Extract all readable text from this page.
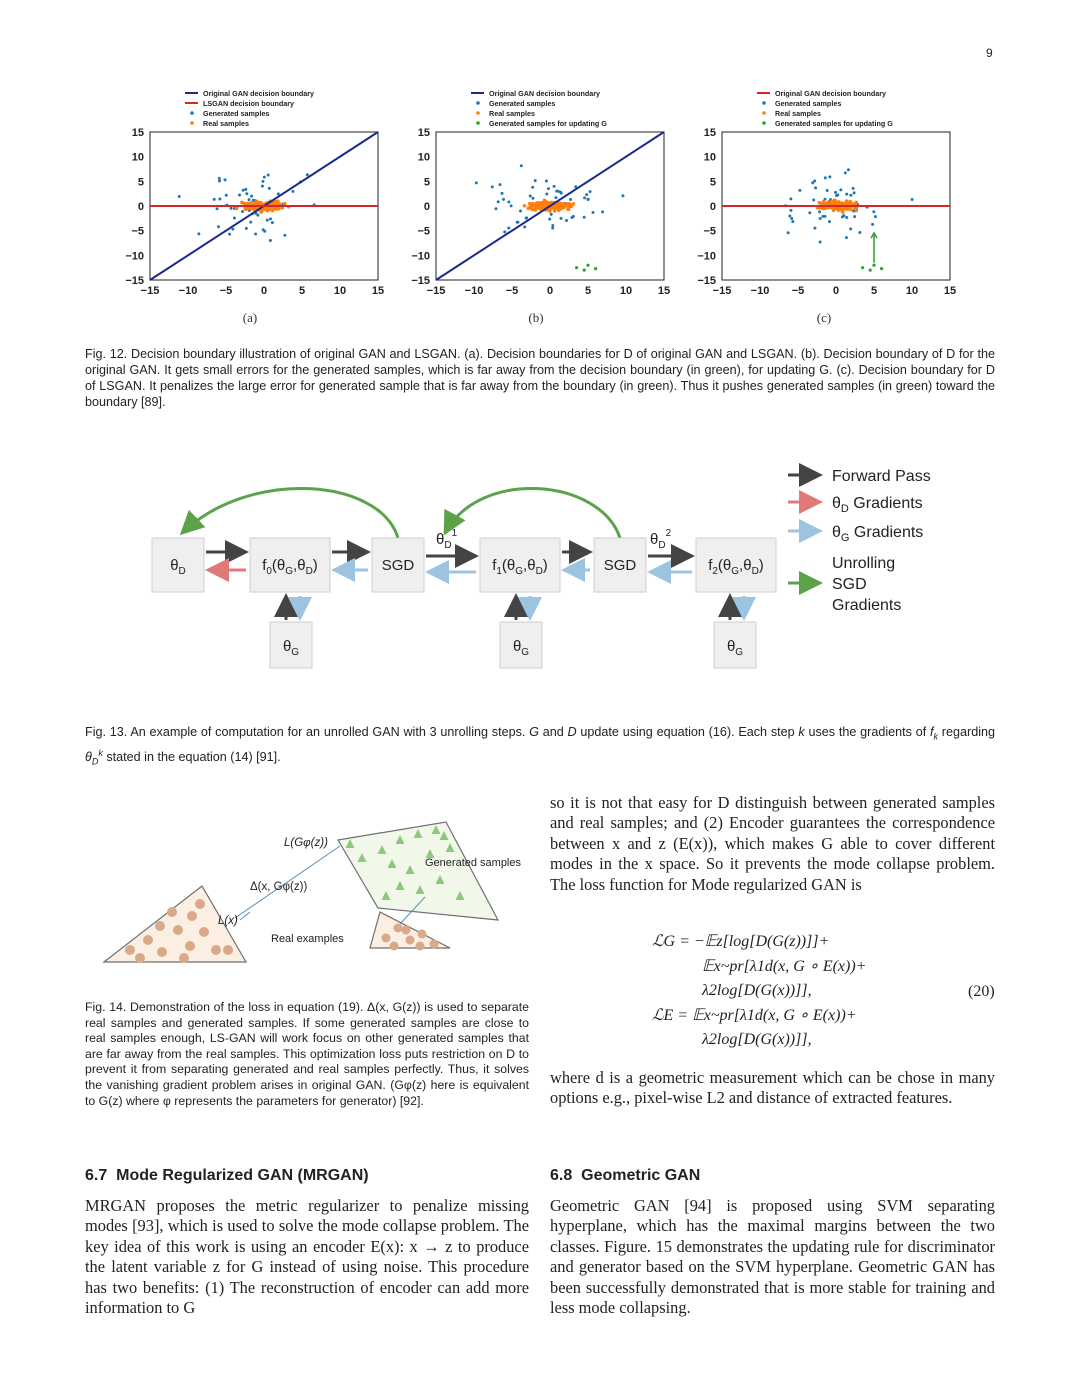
9
Original GAN decision boundary
LSGAN decision boundary
Generated samples
Real samples
15
10
5
0
−5
−10
−15
−15 −10 −5	0	5	10 15
Original GAN decision boundary
Generated samples
Real samples
Generated samples for updating G
15
10
5
0
−5
−10
−15
−15 −10 −5	0	5	10 15
Original GAN decision boundary
Generated samples
Real samples
Generated samples for updating G
15
10
5
0
−5
−10
−15
−15 −10 −5	0	5	10 15
(a)	(b)	(c)
Fig. 12. Decision boundary illustration of original GAN and LSGAN. (a). Decision boundaries for D of original GAN and LSGAN. (b). Decision boundary of D for the original GAN. It gets small errors for the generated samples, which is far away from the decision boundary (in green), for updating G. (c). Decision boundary for D of LSGAN. It penalizes the large error for generated sample that is far away from the boundary (in green). Thus it pushes generated samples (in green) toward the boundary [89].
$\theta_D$	$f_0(\theta_G,\theta_D)$	SGD	$f_1(\theta_G,\theta_D)$	SGD	$f_2(\theta_G,\theta_D)$
$\theta_G$	$\theta_G$	$\theta_G$
$\theta_D^1$	$\theta_D^2$
Forward Pass
$\theta_D$ Gradients
$\theta_G$ Gradients
Unrolling
SGD
Gradients
Fig. 13. An example of computation for an unrolled GAN with 3 unrolling steps. G and D update using equation (16). Each step k uses the gradients of $f_k$ regarding $\theta_D^k$ stated in the equation (14) [91].
L(Gφ(z))
Δ(x, Gφ(z))
L(x)
Generated samples
Real examples
Fig. 14. Demonstration of the loss in equation (19). Δ(x, G(z)) is used to separate real samples and generated samples. If some generated samples are close to real samples enough, LS-GAN will work focus on other generated samples that are far away from the real samples. This optimization loss puts restriction on D to prevent it from separating generated and real samples perfectly. Thus, it solves the vanishing gradient problem arises in original GAN. (Gφ(z) here is equivalent to G(z) where φ represents the parameters for generator) [92].
6.7 Mode Regularized GAN (MRGAN)
MRGAN proposes the metric regularizer to penalize missing modes [93], which is used to solve the mode collapse problem. The key idea of this work is using an encoder E(x): x → z to produce the latent variable z for G instead of using noise. This procedure has two benefits: (1) The reconstruction of encoder can add more information to G
so it is not that easy for D distinguish between generated samples and real samples; and (2) Encoder guarantees the correspondence between x and z (E(x)), which makes G able to cover different modes in the x space. So it prevents the mode collapse problem. The loss function for Mode regularized GAN is
ℒG = −𝔼z[log[D(G(z))]]+
𝔼x~pr[λ1d(x, G ∘ E(x))+
λ2log[D(G(x))]],
ℒE = 𝔼x~pr[λ1d(x, G ∘ E(x))+
λ2log[D(G(x))]],
(20)
where d is a geometric measurement which can be chose in many options e.g., pixel-wise L2 and distance of extracted features.
6.8 Geometric GAN
Geometric GAN [94] is proposed using SVM separating hyperplane, which has the maximal margins between the two classes. Figure. 15 demonstrates the updating rule for discriminator and generator based on the SVM hyperplane. Geometric GAN has been successfully demonstrated that is more stable for training and less mode collapsing.
